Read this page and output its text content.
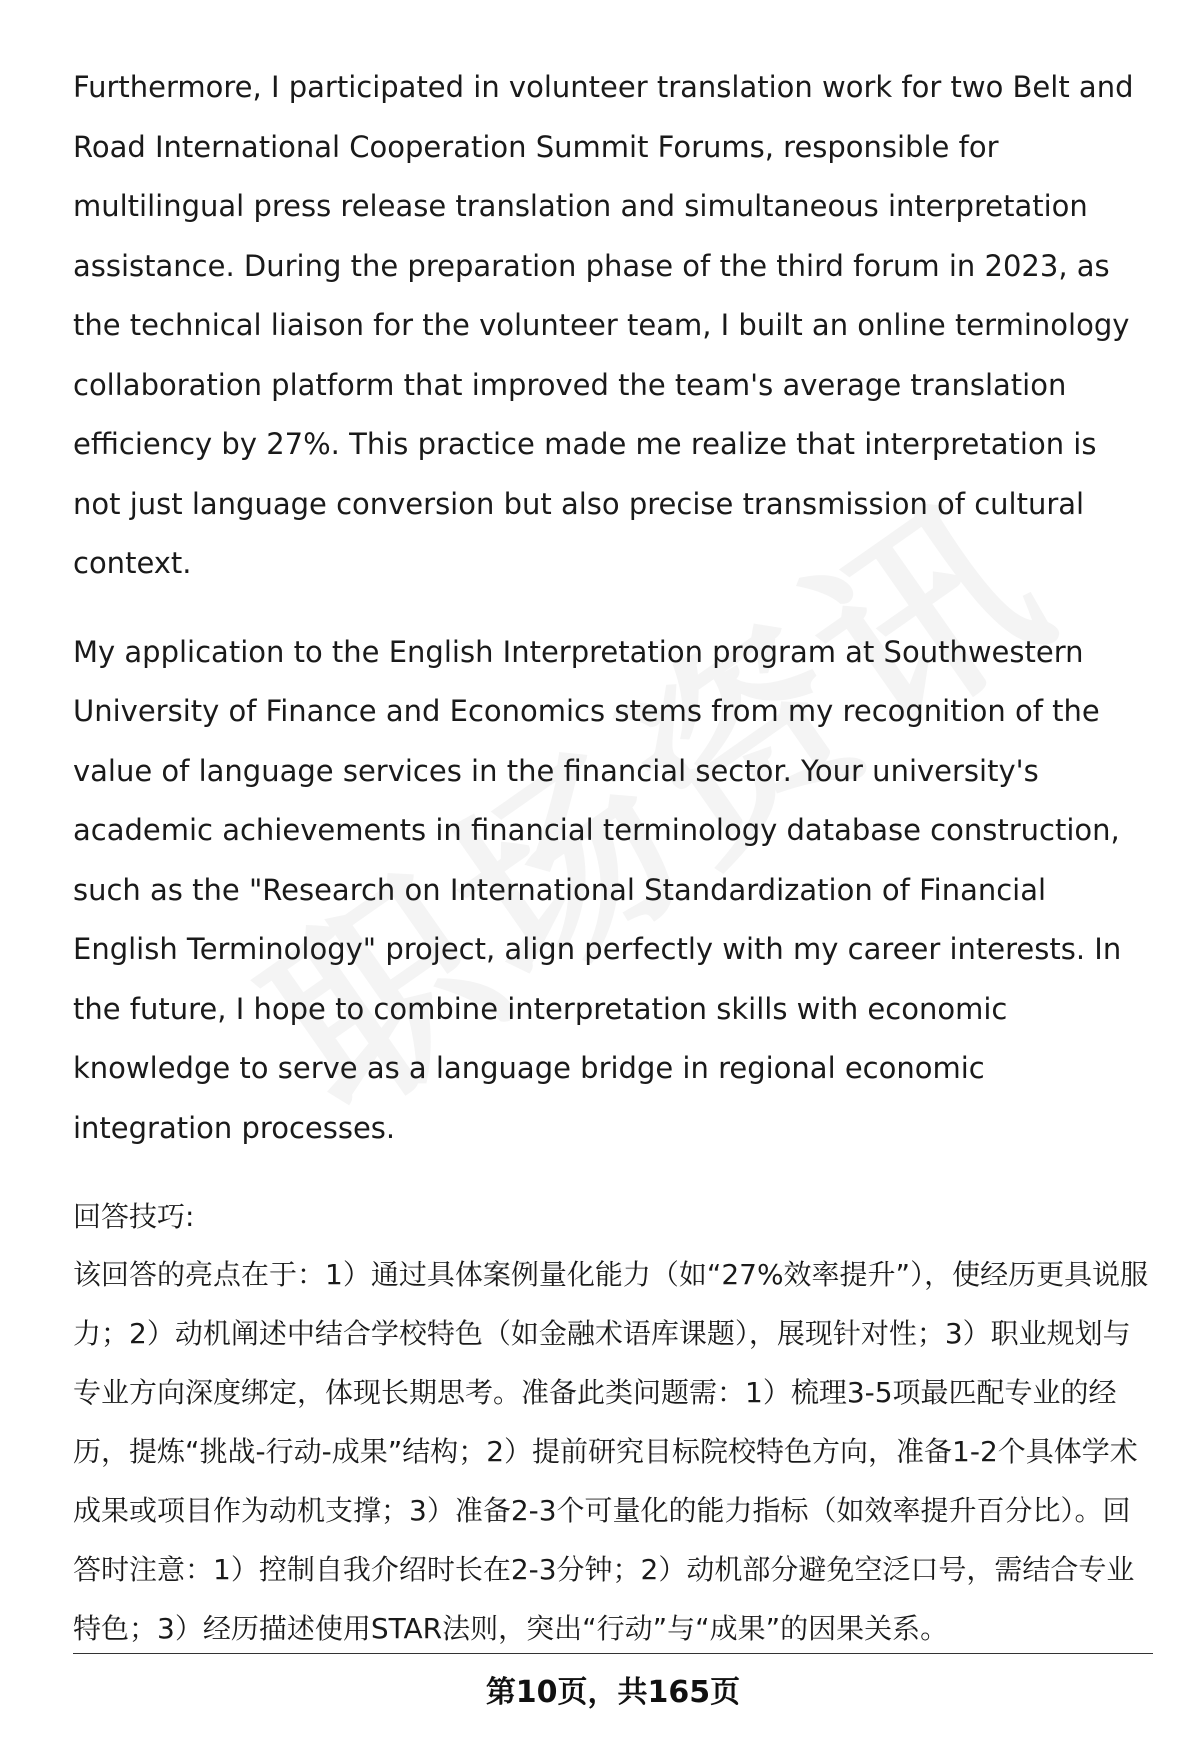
Furthermore, I participated in volunteer translation work for two Belt and Road International Cooperation Summit Forums, responsible for multilingual press release translation and simultaneous interpretation assistance. During the preparation phase of the third forum in 2023, as the technical liaison for the volunteer team, I built an online terminology collaboration platform that improved the team's average translation efficiency by 27%. This practice made me realize that interpretation is not just language conversion but also precise transmission of cultural context.

My application to the English Interpretation program at Southwestern University of Finance and Economics stems from my recognition of the value of language services in the financial sector. Your university's academic achievements in financial terminology database construction, such as the "Research on International Standardization of Financial English Terminology" project, align perfectly with my career interests. In the future, I hope to combine interpretation skills with economic knowledge to serve as a language bridge in regional economic integration processes.

回答技巧:

该回答的亮点在于：1）通过具体案例量化能力（如“27%效率提升”），使经历更具说服力；2）动机阐述中结合学校特色（如金融术语库课题），展现针对性；3）职业规划与专业方向深度绑定，体现长期思考。准备此类问题需：1）梳理3-5项最匹配专业的经历，提炼“挑战-行动-成果”结构；2）提前研究目标院校特色方向，准备1-2个具体学术成果或项目作为动机支撑；3）准备2-3个可量化的能力指标（如效率提升百分比）。回答时注意：1）控制自我介绍时长在2-3分钟；2）动机部分避免空泛口号，需结合专业特色；3）经历描述使用STAR法则，突出“行动”与“成果”的因果关系。

第10页，共165页
